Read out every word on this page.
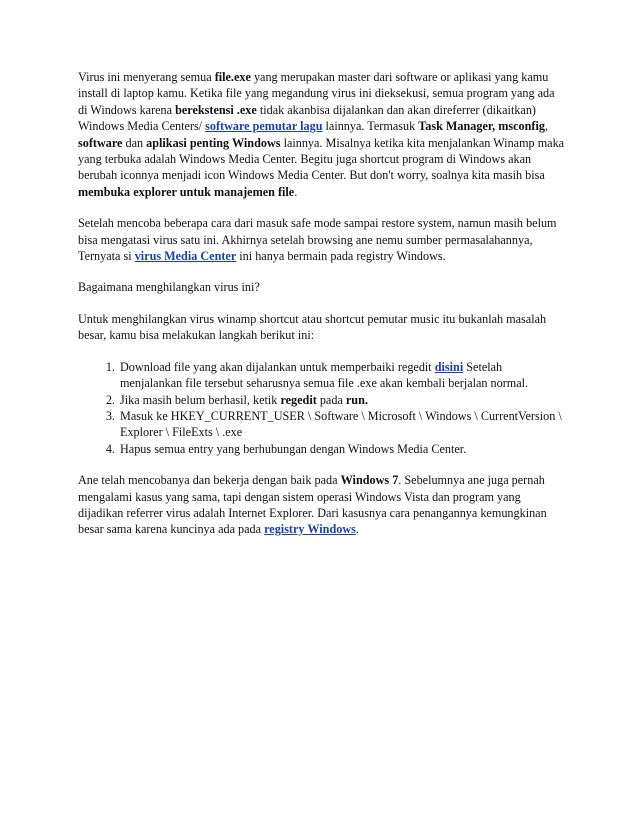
Virus ini menyerang semua file.exe yang merupakan master dari software or aplikasi yang kamu install di laptop kamu. Ketika file yang megandung virus ini dieksekusi, semua program yang ada di Windows karena berekstensi .exe tidak akanbisa dijalankan dan akan direferrer (dikaitkan) Windows Media Centers/ software pemutar lagu lainnya. Termasuk Task Manager, msconfig, software dan aplikasi penting Windows lainnya. Misalnya ketika kita menjalankan Winamp maka yang terbuka adalah Windows Media Center. Begitu juga shortcut program di Windows akan berubah iconnya menjadi icon Windows Media Center. But don't worry, soalnya kita masih bisa membuka explorer untuk manajemen file.

Setelah mencoba beberapa cara dari masuk safe mode sampai restore system, namun masih belum bisa mengatasi virus satu ini. Akhirnya setelah browsing ane nemu sumber permasalahannya, Ternyata si virus Media Center ini hanya bermain pada registry Windows.

Bagaimana menghilangkan virus ini?

Untuk menghilangkan virus winamp shortcut atau shortcut pemutar music itu bukanlah masalah besar, kamu bisa melakukan langkah berikut ini:

1. Download file yang akan dijalankan untuk memperbaiki regedit disini Setelah menjalankan file tersebut seharusnya semua file .exe akan kembali berjalan normal.
2. Jika masih belum berhasil, ketik regedit pada run.
3. Masuk ke HKEY_CURRENT_USER \ Software \ Microsoft \ Windows \ CurrentVersion \ Explorer \ FileExts \ .exe
4. Hapus semua entry yang berhubungan dengan Windows Media Center.

Ane telah mencobanya dan bekerja dengan baik pada Windows 7. Sebelumnya ane juga pernah mengalami kasus yang sama, tapi dengan sistem operasi Windows Vista dan program yang dijadikan referrer virus adalah Internet Explorer. Dari kasusnya cara penangannya kemungkinan besar sama karena kuncinya ada pada registry Windows.
